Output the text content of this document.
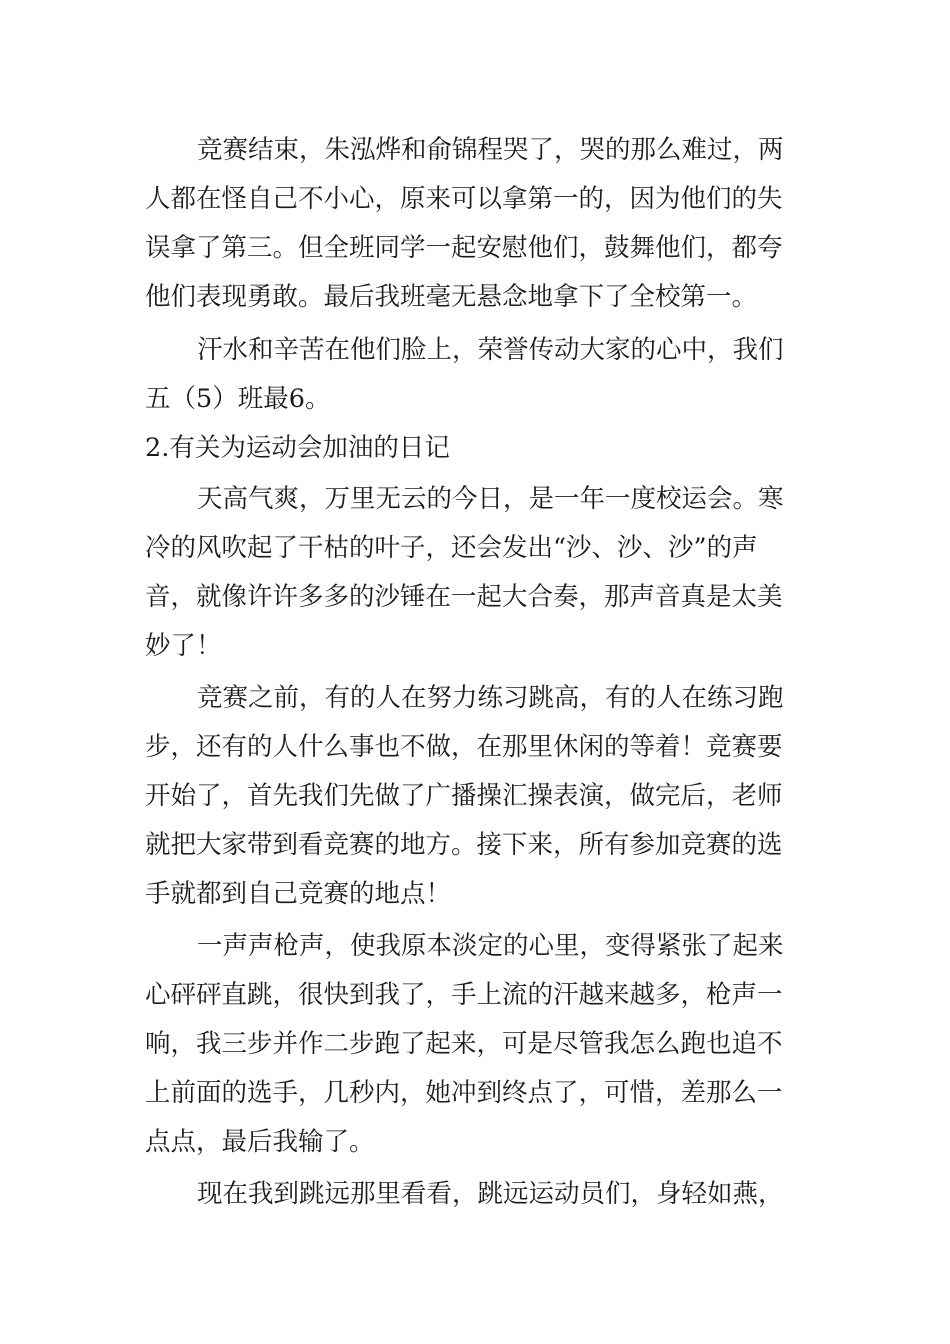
竞赛结束，朱泓烨和俞锦程哭了，哭的那么难过，两
人都在怪自己不小心，原来可以拿第一的，因为他们的失
误拿了第三。但全班同学一起安慰他们，鼓舞他们，都夸
他们表现勇敢。最后我班毫无悬念地拿下了全校第一。
汗水和辛苦在他们脸上，荣誉传动大家的心中，我们
五（5）班最6。
2.有关为运动会加油的日记
天高气爽，万里无云的今日，是一年一度校运会。寒
冷的风吹起了干枯的叶子，还会发出“沙、沙、沙”的声
音，就像许许多多的沙锤在一起大合奏，那声音真是太美
妙了！
竞赛之前，有的人在努力练习跳高，有的人在练习跑
步，还有的人什么事也不做，在那里休闲的等着！竞赛要
开始了，首先我们先做了广播操汇操表演，做完后，老师
就把大家带到看竞赛的地方。接下来，所有参加竞赛的选
手就都到自己竞赛的地点！
一声声枪声，使我原本淡定的心里，变得紧张了起来
心砰砰直跳，很快到我了，手上流的汗越来越多，枪声一
响，我三步并作二步跑了起来，可是尽管我怎么跑也追不
上前面的选手，几秒内，她冲到终点了，可惜，差那么一
点点，最后我输了。
现在我到跳远那里看看，跳远运动员们，身轻如燕，
